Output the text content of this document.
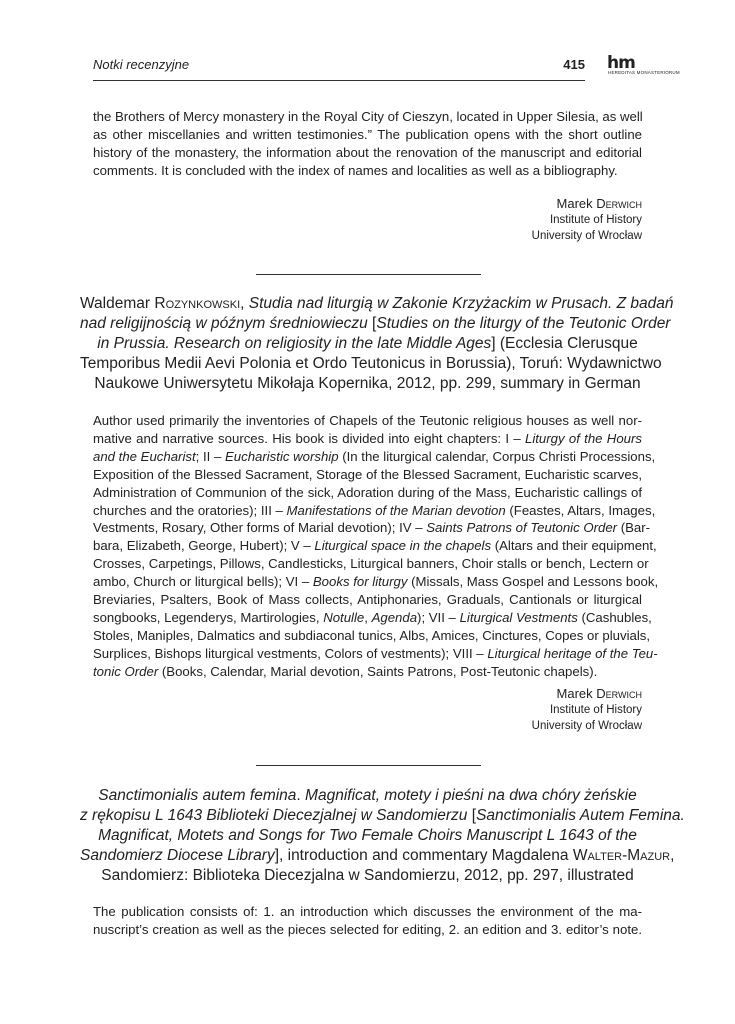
Notki recenzyjne	415 hm
HEREDITAS MONASTERIORUM
the Brothers of Mercy monastery in the Royal City of Cieszyn, located in Upper Silesia, as well
as other miscellanies and written testimonies.” The publication opens with the short outline
history of the monastery, the information about the renovation of the manuscript and editorial
comments. It is concluded with the index of names and localities as well as a bibliography.
Marek Derwich
Institute of History
University of Wrocław
Waldemar Rozynkowski, Studia nad liturgią w Zakonie Krzyżackim w Prusach. Z badań
nad religijnością w późnym średniowieczu [Studies on the liturgy of the Teutonic Order
in Prussia. Research on religiosity in the late Middle Ages] (Ecclesia Clerusque
Temporibus Medii Aevi Polonia et Ordo Teutonicus in Borussia), Toruń: Wydawnictwo
Naukowe Uniwersytetu Mikołaja Kopernika, 2012, pp. 299, summary in German
Author used primarily the inventories of Chapels of the Teutonic religious houses as well nor-
mative and narrative sources. His book is divided into eight chapters: I – Liturgy of the Hours
and the Eucharist; II – Eucharistic worship (In the liturgical calendar, Corpus Christi Processions,
Exposition of the Blessed Sacrament, Storage of the Blessed Sacrament, Eucharistic scarves,
Administration of Communion of the sick, Adoration during of the Mass, Eucharistic callings of
churches and the oratories); III – Manifestations of the Marian devotion (Feastes, Altars, Images,
Vestments, Rosary, Other forms of Marial devotion); IV – Saints Patrons of Teutonic Order (Bar-
bara, Elizabeth, George, Hubert); V – Liturgical space in the chapels (Altars and their equipment,
Crosses, Carpetings, Pillows, Candlesticks, Liturgical banners, Choir stalls or bench, Lectern or
ambo, Church or liturgical bells); VI – Books for liturgy (Missals, Mass Gospel and Lessons book,
Breviaries, Psalters, Book of Mass collects, Antiphonaries, Graduals, Cantionals or liturgical
songbooks, Legenderys, Martirologies, Notulle, Agenda); VII – Liturgical Vestments (Cashubles,
Stoles, Maniples, Dalmatics and subdiaconal tunics, Albs, Amices, Cinctures, Copes or pluvials,
Surplices, Bishops liturgical vestments, Colors of vestments); VIII – Liturgical heritage of the Teu-
tonic Order (Books, Calendar, Marial devotion, Saints Patrons, Post-Teutonic chapels).
Marek Derwich
Institute of History
University of Wrocław
Sanctimonialis autem femina. Magnificat, motety i pieśni na dwa chóry żeńskie
z rękopisu L 1643 Biblioteki Diecezjalnej w Sandomierzu [Sanctimonialis Autem Femina.
Magnificat, Motets and Songs for Two Female Choirs Manuscript L 1643 of the
Sandomierz Diocese Library], introduction and commentary Magdalena Walter-Mazur,
Sandomierz: Biblioteka Diecezjalna w Sandomierzu, 2012, pp. 297, illustrated
The publication consists of: 1. an introduction which discusses the environment of the ma-
nuscript’s creation as well as the pieces selected for editing, 2. an edition and 3. editor’s note.
